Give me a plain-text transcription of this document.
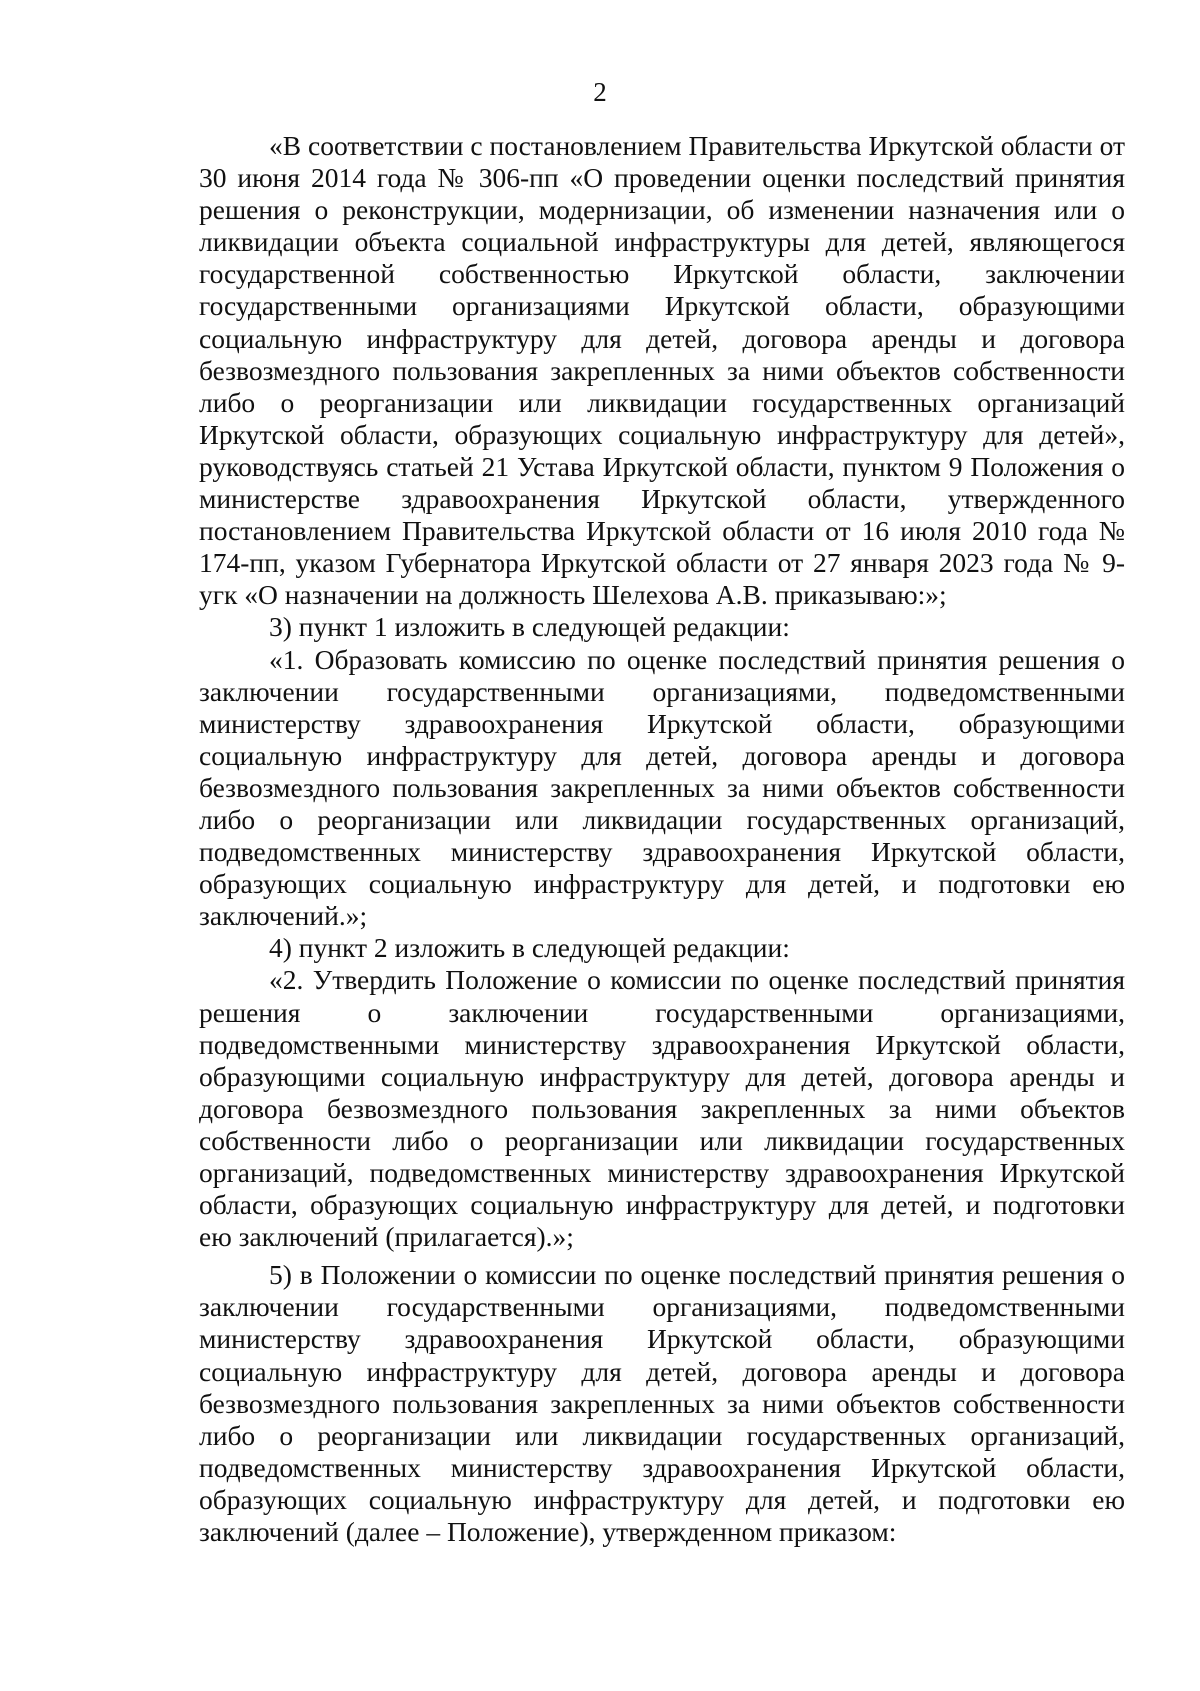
2

«В соответствии с постановлением Правительства Иркутской области от 30 июня 2014 года № 306-пп «О проведении оценки последствий принятия решения о реконструкции, модернизации, об изменении назначения или о ликвидации объекта социальной инфраструктуры для детей, являющегося государственной собственностью Иркутской области, заключении государственными организациями Иркутской области, образующими социальную инфраструктуру для детей, договора аренды и договора безвозмездного пользования закрепленных за ними объектов собственности либо о реорганизации или ликвидации государственных организаций Иркутской области, образующих социальную инфраструктуру для детей», руководствуясь статьей 21 Устава Иркутской области, пунктом 9 Положения о министерстве здравоохранения Иркутской области, утвержденного постановлением Правительства Иркутской области от 16 июля 2010 года № 174-пп, указом Губернатора Иркутской области от 27 января 2023 года № 9-угк «О назначении на должность Шелехова А.В. приказываю:»;

3) пункт 1 изложить в следующей редакции:

«1. Образовать комиссию по оценке последствий принятия решения о заключении государственными организациями, подведомственными министерству здравоохранения Иркутской области, образующими социальную инфраструктуру для детей, договора аренды и договора безвозмездного пользования закрепленных за ними объектов собственности либо о реорганизации или ликвидации государственных организаций, подведомственных министерству здравоохранения Иркутской области, образующих социальную инфраструктуру для детей, и подготовки ею заключений.»;

4) пункт 2 изложить в следующей редакции:

«2. Утвердить Положение о комиссии по оценке последствий принятия решения о заключении государственными организациями, подведомственными министерству здравоохранения Иркутской области, образующими социальную инфраструктуру для детей, договора аренды и договора безвозмездного пользования закрепленных за ними объектов собственности либо о реорганизации или ликвидации государственных организаций, подведомственных министерству здравоохранения Иркутской области, образующих социальную инфраструктуру для детей, и подготовки ею заключений (прилагается).»;

5) в Положении о комиссии по оценке последствий принятия решения о заключении государственными организациями, подведомственными министерству здравоохранения Иркутской области, образующими социальную инфраструктуру для детей, договора аренды и договора безвозмездного пользования закрепленных за ними объектов собственности либо о реорганизации или ликвидации государственных организаций, подведомственных министерству здравоохранения Иркутской области, образующих социальную инфраструктуру для детей, и подготовки ею заключений (далее – Положение), утвержденном приказом:
